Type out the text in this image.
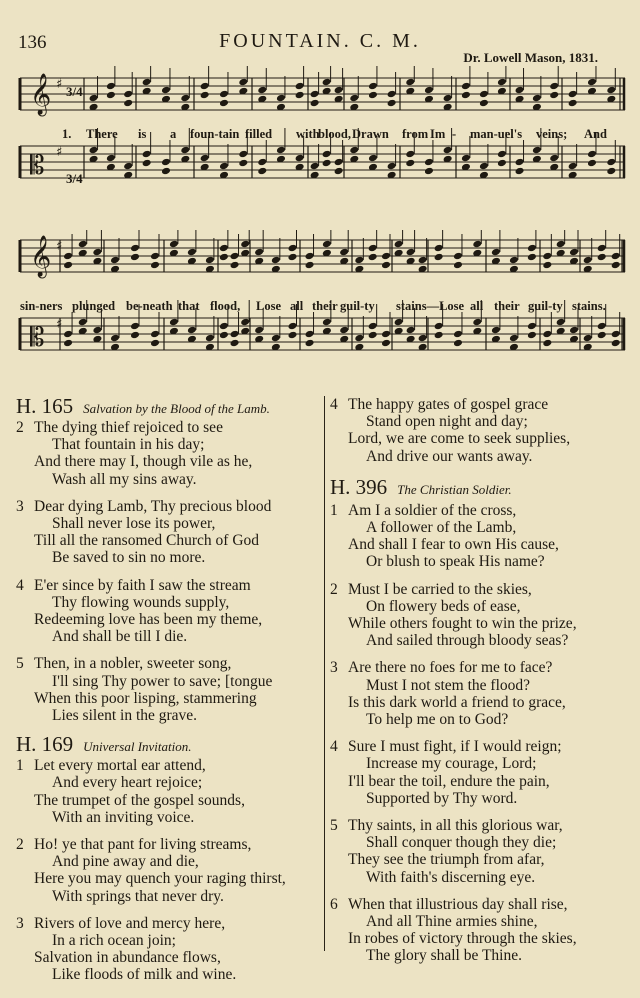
136	FOUNTAIN. C. M.
Dr. Lowell Mason, 1831.
𝄞 ♯
𝄡 ♯
3/4
3/4
1. There is a foun-tain filled with
blood, Drawn from Im - man-uel's veins; And
𝄞 ♯
𝄡 ♯
sin-ners plunged be-neath that flood, Lose all their guil-ty stains—Lose all their guil-ty stains.
H. 165 Salvation by the Blood of the Lamb.
2 The dying thief rejoiced to see
That fountain in his day;
And there may I, though vile as he,
Wash all my sins away.
3 Dear dying Lamb, Thy precious blood
Shall never lose its power,
Till all the ransomed Church of God
Be saved to sin no more.
4 E'er since by faith I saw the stream
Thy flowing wounds supply,
Redeeming love has been my theme,
And shall be till I die.
5 Then, in a nobler, sweeter song,
I'll sing Thy power to save; [tongue
When this poor lisping, stammering
Lies silent in the grave.
H. 169 Universal Invitation.
1 Let every mortal ear attend,
And every heart rejoice;
The trumpet of the gospel sounds,
With an inviting voice.
2 Ho! ye that pant for living streams,
And pine away and die,
Here you may quench your raging thirst,
With springs that never dry.
3 Rivers of love and mercy here,
In a rich ocean join;
Salvation in abundance flows,
Like floods of milk and wine.
4 The happy gates of gospel grace
Stand open night and day;
Lord, we are come to seek supplies,
And drive our wants away.
H. 396 The Christian Soldier.
1 Am I a soldier of the cross,
A follower of the Lamb,
And shall I fear to own His cause,
Or blush to speak His name?
2 Must I be carried to the skies,
On flowery beds of ease,
While others fought to win the prize,
And sailed through bloody seas?
3 Are there no foes for me to face?
Must I not stem the flood?
Is this dark world a friend to grace,
To help me on to God?
4 Sure I must fight, if I would reign;
Increase my courage, Lord;
I'll bear the toil, endure the pain,
Supported by Thy word.
5 Thy saints, in all this glorious war,
Shall conquer though they die;
They see the triumph from afar,
With faith's discerning eye.
6 When that illustrious day shall rise,
And all Thine armies shine,
In robes of victory through the skies,
The glory shall be Thine.
